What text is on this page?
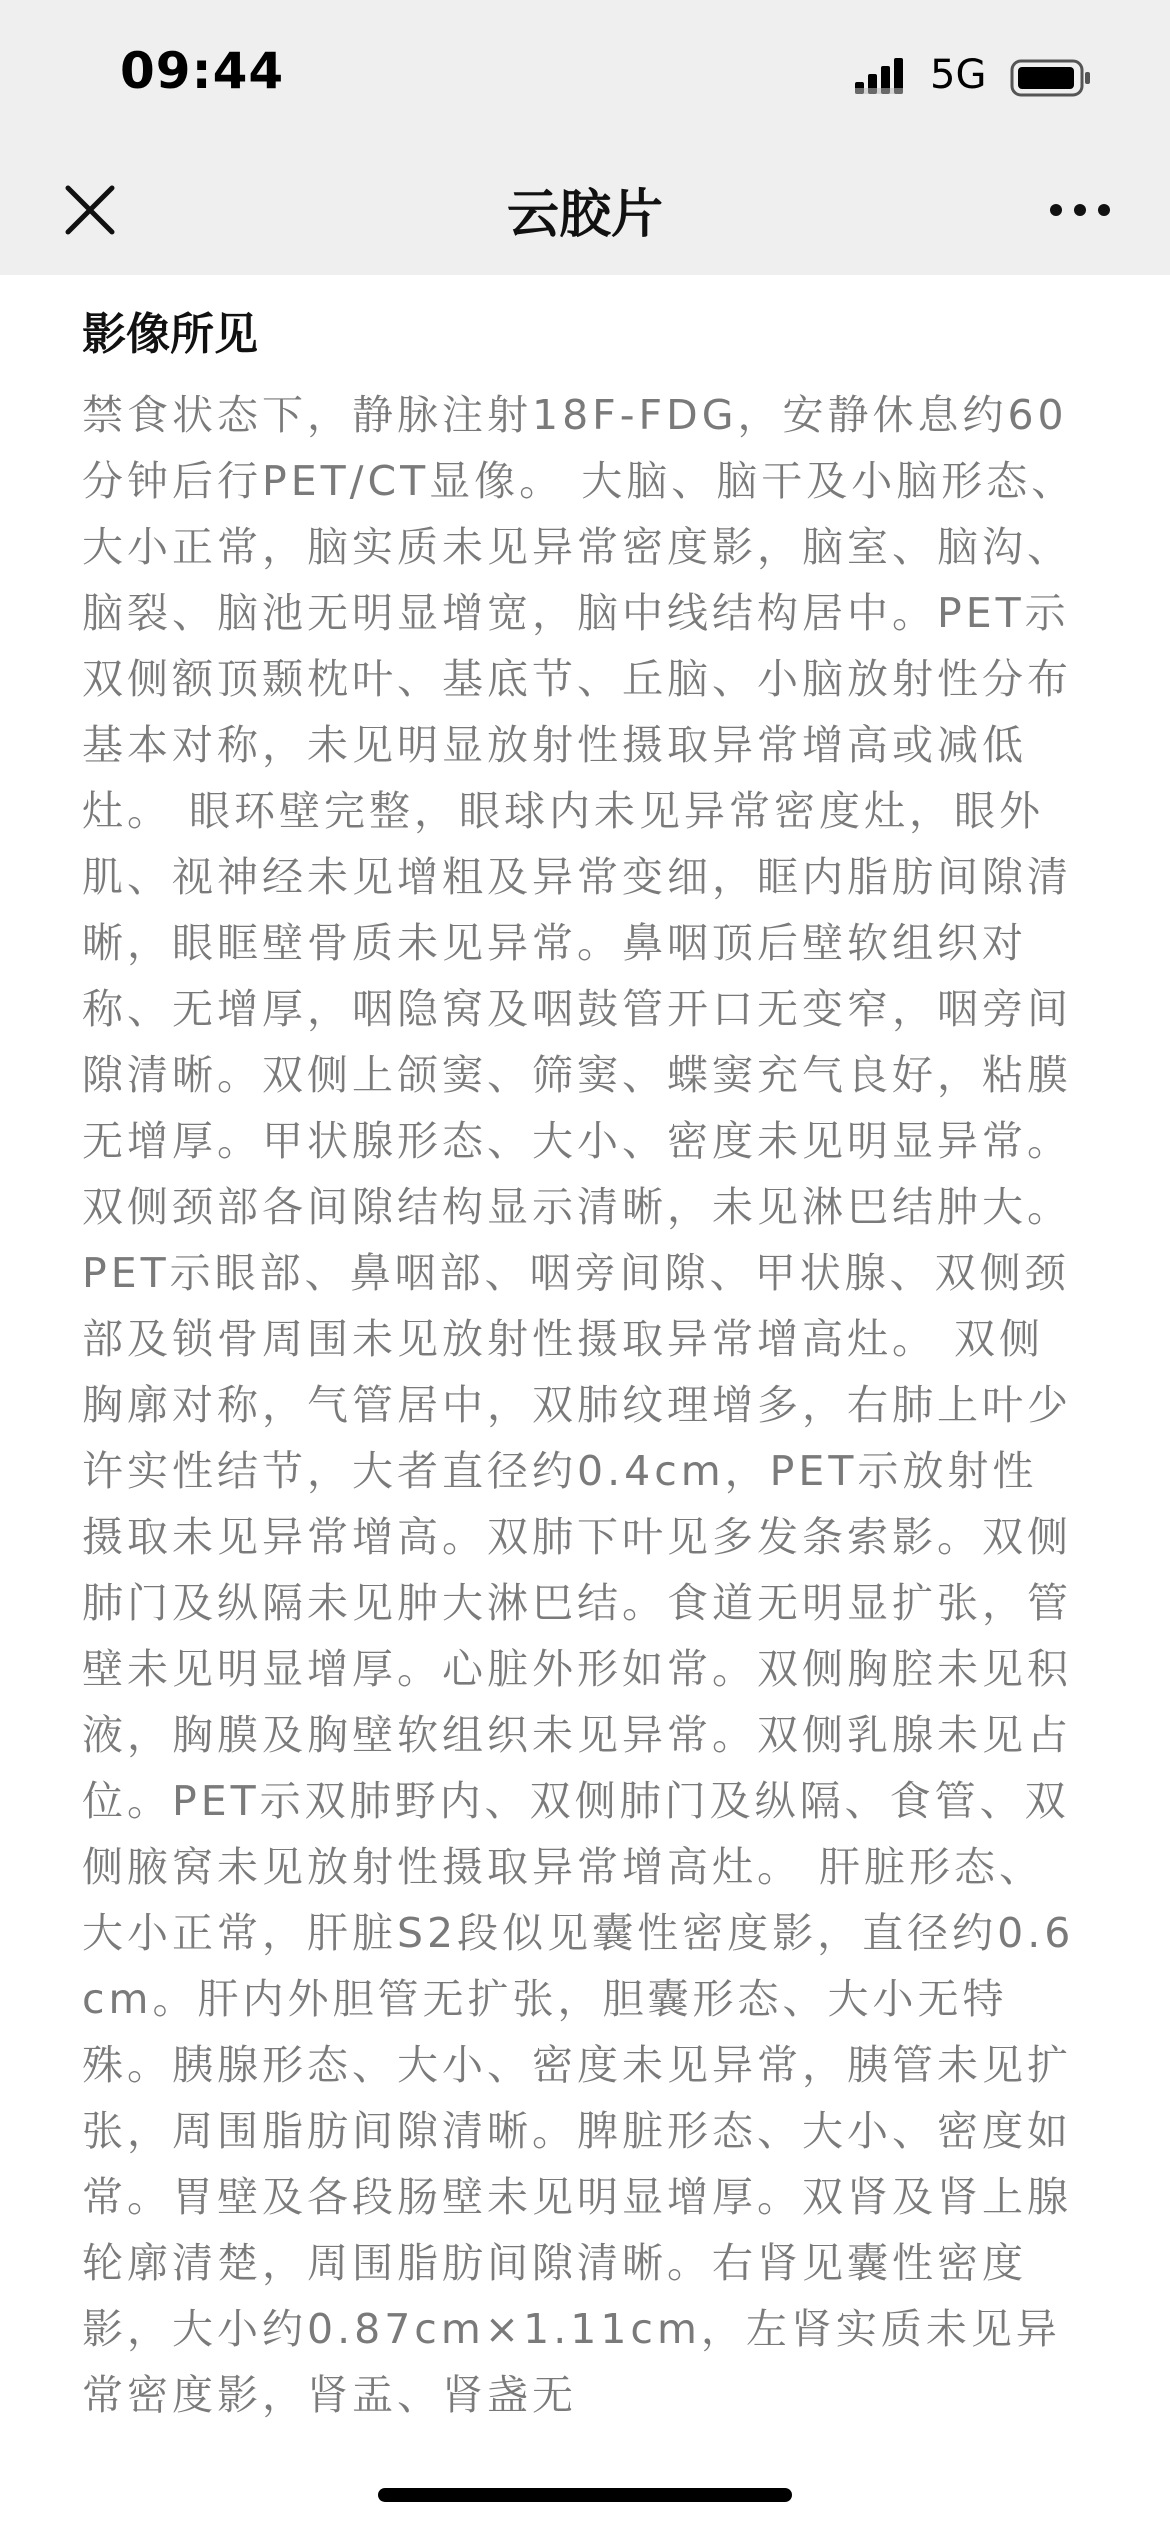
09:44	5G
云胶片
影像所见

禁食状态下，静脉注射18F-FDG，安静休息约60分钟后行PET/CT显像。 大脑、脑干及小脑形态、大小正常，脑实质未见异常密度影，脑室、脑沟、脑裂、脑池无明显增宽，脑中线结构居中。PET示双侧额顶颞枕叶、基底节、丘脑、小脑放射性分布基本对称，未见明显放射性摄取异常增高或减低灶。 眼环壁完整，眼球内未见异常密度灶，眼外肌、视神经未见增粗及异常变细，眶内脂肪间隙清晰，眼眶壁骨质未见异常。鼻咽顶后壁软组织对称、无增厚，咽隐窝及咽鼓管开口无变窄，咽旁间隙清晰。双侧上颌窦、筛窦、蝶窦充气良好，粘膜无增厚。甲状腺形态、大小、密度未见明显异常。双侧颈部各间隙结构显示清晰，未见淋巴结肿大。PET示眼部、鼻咽部、咽旁间隙、甲状腺、双侧颈部及锁骨周围未见放射性摄取异常增高灶。 双侧胸廓对称，气管居中，双肺纹理增多，右肺上叶少许实性结节，大者直径约0.4cm，PET示放射性摄取未见异常增高。双肺下叶见多发条索影。双侧肺门及纵隔未见肿大淋巴结。食道无明显扩张，管壁未见明显增厚。心脏外形如常。双侧胸腔未见积液，胸膜及胸壁软组织未见异常。双侧乳腺未见占位。PET示双肺野内、双侧肺门及纵隔、食管、双侧腋窝未见放射性摄取异常增高灶。 肝脏形态、大小正常，肝脏S2段似见囊性密度影，直径约0.6cm。肝内外胆管无扩张，胆囊形态、大小无特殊。胰腺形态、大小、密度未见异常，胰管未见扩张，周围脂肪间隙清晰。脾脏形态、大小、密度如常。胃壁及各段肠壁未见明显增厚。双肾及肾上腺轮廓清楚，周围脂肪间隙清晰。右肾见囊性密度影，大小约0.87cm×1.11cm，左肾实质未见异常密度影，肾盂、肾盏无
